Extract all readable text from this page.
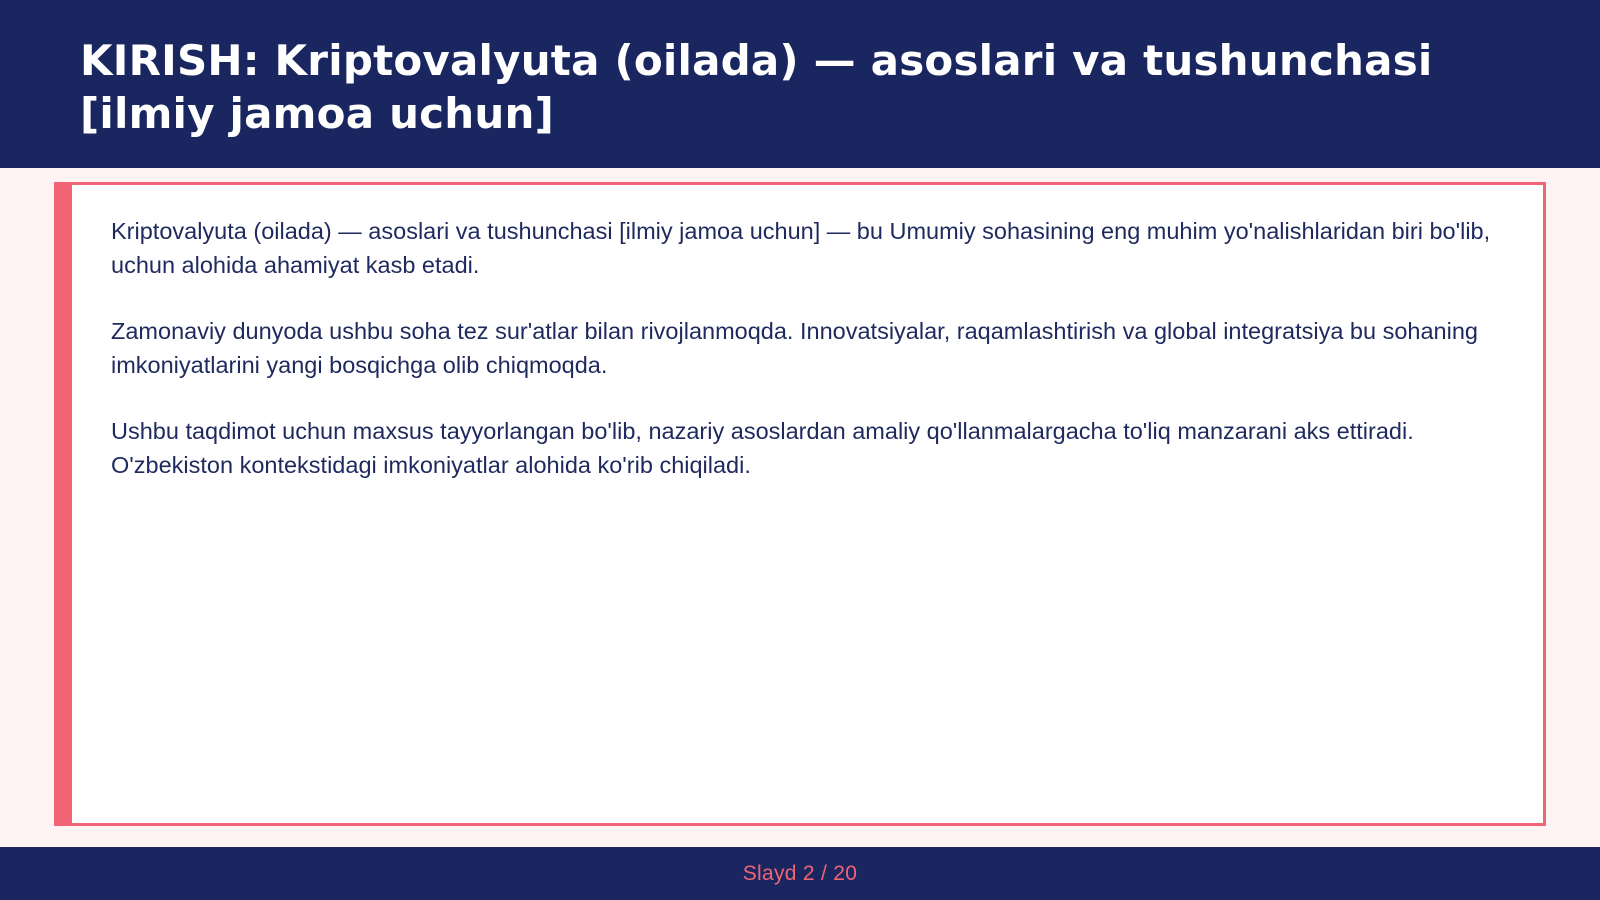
KIRISH: Kriptovalyuta (oilada) — asoslari va tushunchasi [ilmiy jamoa uchun]

Kriptovalyuta (oilada) — asoslari va tushunchasi [ilmiy jamoa uchun] — bu Umumiy sohasining eng muhim yo'nalishlaridan biri bo'lib, uchun alohida ahamiyat kasb etadi.

Zamonaviy dunyoda ushbu soha tez sur'atlar bilan rivojlanmoqda. Innovatsiyalar, raqamlashtirish va global integratsiya bu sohaning imkoniyatlarini yangi bosqichga olib chiqmoqda.

Ushbu taqdimot uchun maxsus tayyorlangan bo'lib, nazariy asoslardan amaliy qo'llanmalargacha to'liq manzarani aks ettiradi. O'zbekiston kontekstidagi imkoniyatlar alohida ko'rib chiqiladi.

Slayd 2 / 20
